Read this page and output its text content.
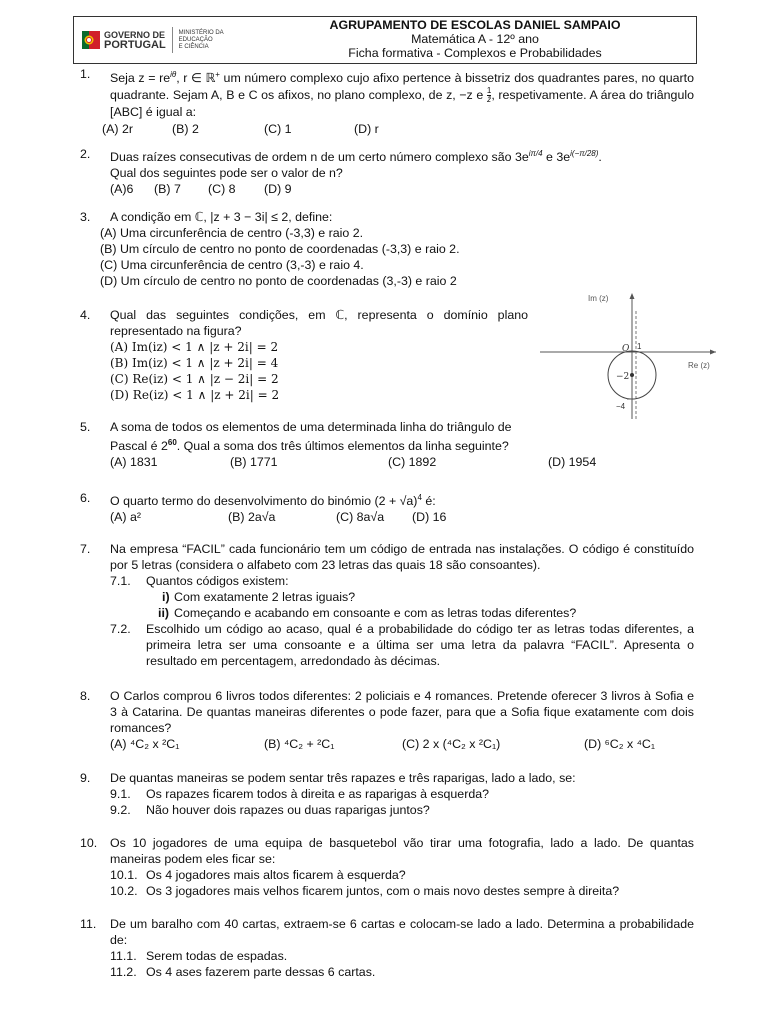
GOVERNO DE
PORTUGAL
MINISTÉRIO DA EDUCAÇÃO
E CIÊNCIA
AGRUPAMENTO DE ESCOLAS DANIEL SAMPAIO
Matemática A - 12º ano
Ficha formativa - Complexos e Probabilidades
1. Seja $z = re^{i\theta}$, r ∈ ℝ+ um número complexo cujo afixo pertence à bissetriz dos quadrantes pares, no quarto quadrante. Sejam A, B e C os afixos, no plano complexo, de z, −z e $\frac{1}{z̄}$ , respetivamente. A área do triângulo [ABC] é igual a:
(A) 2r	(B) 2	(C) 1	(D) r
2. Duas raízes consecutivas de ordem n de um certo número complexo são $3e^{i\pi/4}$ e $3e^{i(-\pi/28)}$.
Qual dos seguintes pode ser o valor de n?
(A)6	(B) 7	(C) 8	(D) 9
3. A condição em ℂ, |z + 3 − 3i| ≤ 2, define:
(A) Uma circunferência de centro (-3,3) e raio 2.
(B) Um círculo de centro no ponto de coordenadas (-3,3) e raio 2.
(C) Uma circunferência de centro (3,-3) e raio 4.
(D) Um círculo de centro no ponto de coordenadas (3,-3) e raio 2
4. Qual das seguintes condições, em ℂ, representa o domínio plano representado na figura?
(A) Im(iz) < 1 ∧ |z + 2i| = 2
(B) Im(iz) < 1 ∧ |z + 2i| = 4
(C) Re(iz) < 1 ∧ |z − 2i| = 2
(D) Re(iz) < 1 ∧ |z + 2i| = 2
Im (z)
Re (z)
O 1
−2
−4
5. A soma de todos os elementos de uma determinada linha do triângulo de Pascal é $2^{60}$. Qual a soma dos três últimos elementos da linha seguinte?
(A) 1831	(B) 1771	(C) 1892	(D) 1954
6. O quarto termo do desenvolvimento do binómio $(2 + √a)^4$ é:
(A) a²	(B) 2a√a	(C) 8a√a	(D) 16
7. Na empresa “FACIL” cada funcionário tem um código de entrada nas instalações. O código é constituído por 5 letras (considera o alfabeto com 23 letras das quais 18 são consoantes).
7.1. Quantos códigos existem:
i) Com exatamente 2 letras iguais?
ii) Começando e acabando em consoante e com as letras todas diferentes?
7.2. Escolhido um código ao acaso, qual é a probabilidade do código ter as letras todas diferentes, a primeira letra ser uma consoante e a última ser uma letra da palavra “FACIL”. Apresenta o resultado em percentagem, arredondado às décimas.
8. O Carlos comprou 6 livros todos diferentes: 2 policiais e 4 romances. Pretende oferecer 3 livros à Sofia e 3 à Catarina. De quantas maneiras diferentes o pode fazer, para que a Sofia fique exatamente com dois romances?
(A) ⁴C₂ x ²C₁	(B) ⁴C₂ + ²C₁	(C) 2 x (⁴C₂ x ²C₁)	(D) ⁶C₂ x ⁴C₁
9. De quantas maneiras se podem sentar três rapazes e três raparigas, lado a lado, se:
9.1. Os rapazes ficarem todos à direita e as raparigas à esquerda?
9.2. Não houver dois rapazes ou duas raparigas juntos?
10. Os 10 jogadores de uma equipa de basquetebol vão tirar uma fotografia, lado a lado. De quantas maneiras podem eles ficar se:
10.1. Os 4 jogadores mais altos ficarem à esquerda?
10.2. Os 3 jogadores mais velhos ficarem juntos, com o mais novo destes sempre à direita?
11. De um baralho com 40 cartas, extraem-se 6 cartas e colocam-se lado a lado. Determina a probabilidade de:
11.1. Serem todas de espadas.
11.2. Os 4 ases fazerem parte dessas 6 cartas.
